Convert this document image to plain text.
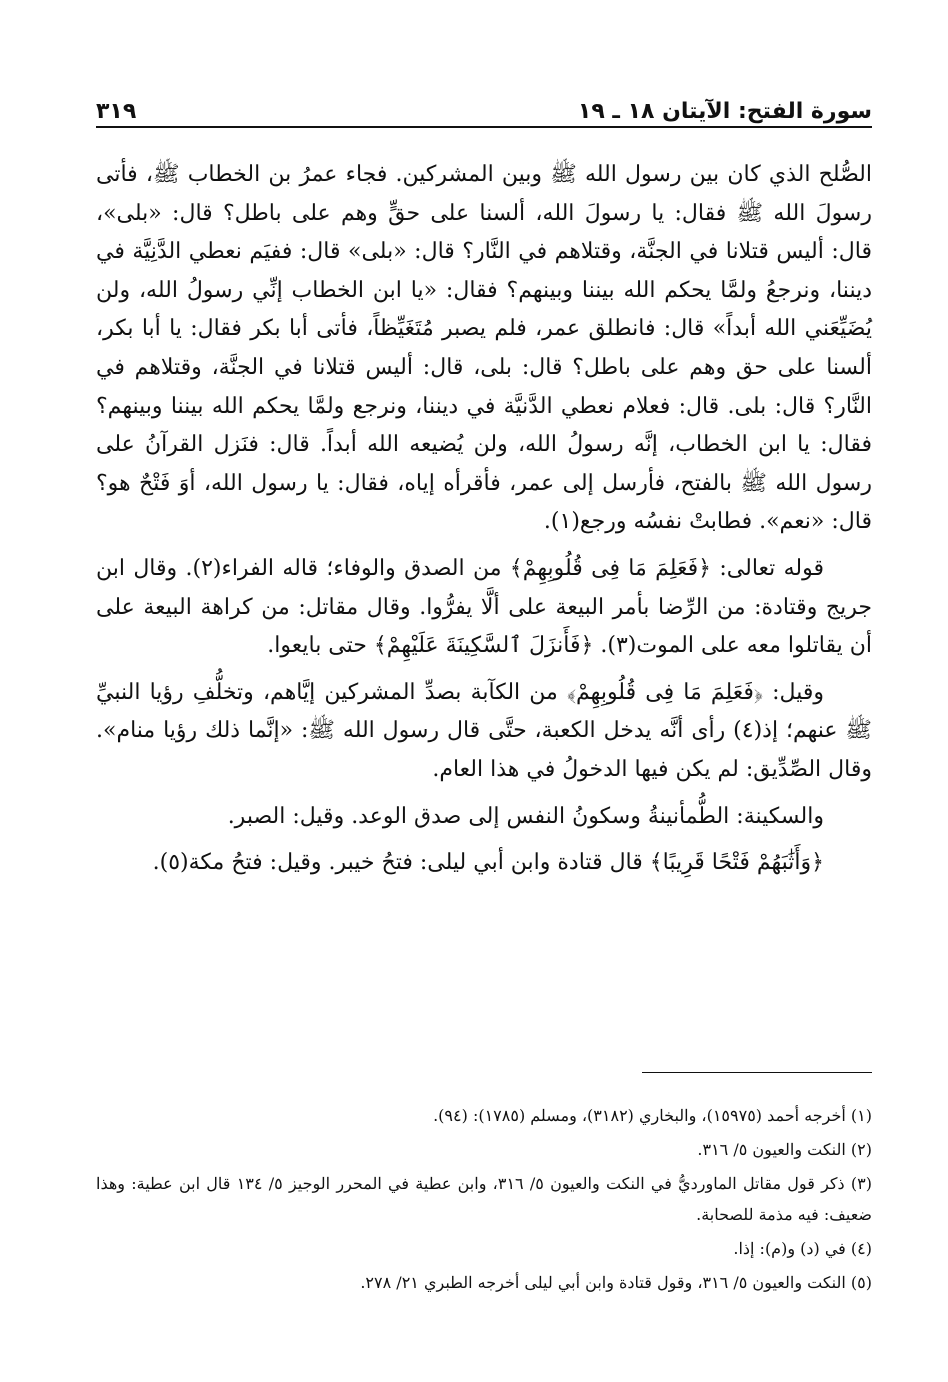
سورة الفتح: الآيتان ١٨ ـ ١٩
٣١٩

الصُّلح الذي كان بين رسول الله ﷺ وبين المشركين. فجاء عمرُ بن الخطاب ﷺ، فأتى رسولَ الله ﷺ فقال: يا رسولَ الله، ألسنا على حقٍّ وهم على باطل؟ قال: «بلى»، قال: أليس قتلانا في الجنَّة، وقتلاهم في النَّار؟ قال: «بلى» قال: ففيَم نعطي الدَّنِيَّة في ديننا، ونرجعُ ولمَّا يحكم الله بيننا وبينهم؟ فقال: «يا ابن الخطاب إنِّي رسولُ الله، ولن يُضَيِّعَني الله أبداً» قال: فانطلق عمر، فلم يصبر مُتَغَيِّظاً، فأتى أبا بكر فقال: يا أبا بكر، ألسنا على حق وهم على باطل؟ قال: بلى، قال: أليس قتلانا في الجنَّة، وقتلاهم في النَّار؟ قال: بلى. قال: فعلام نعطي الدَّنيَّة في ديننا، ونرجع ولمَّا يحكم الله بيننا وبينهم؟ فقال: يا ابن الخطاب، إنَّه رسولُ الله، ولن يُضيعه الله أبداً. قال: فنَزل القرآنُ على رسول الله ﷺ بالفتح، فأرسل إلى عمر، فأقرأه إياه، فقال: يا رسول الله، أوَ فَتْحٌ هو؟ قال: «نعم». فطابتْ نفسُه ورجع(١).

قوله تعالى: ﴿فَعَلِمَ مَا فِى قُلُوبِهِمْ﴾ من الصدق والوفاء؛ قاله الفراء(٢). وقال ابن جريج وقتادة: من الرِّضا بأمر البيعة على ألَّا يفرُّوا. وقال مقاتل: من كراهة البيعة على أن يقاتلوا معه على الموت(٣). ﴿فَأَنزَلَ ٱلسَّكِينَةَ عَلَيْهِمْ﴾ حتى بايعوا.

وقيل: ﴿فَعَلِمَ مَا فِى قُلُوبِهِمْ﴾ من الكآبة بصدِّ المشركين إيَّاهم، وتخلُّفِ رؤيا النبيِّ ﷺ عنهم؛ إذ(٤) رأى أنَّه يدخل الكعبة، حتَّى قال رسول الله ﷺ: «إنَّما ذلك رؤيا منام». وقال الصِّدِّيق: لم يكن فيها الدخولُ في هذا العام.

والسكينة: الطُّمأنينةُ وسكونُ النفس إلى صدق الوعد. وقيل: الصبر.

﴿وَأَثَٰبَهُمْ فَتْحًا قَرِيبًا﴾ قال قتادة وابن أبي ليلى: فتحُ خيبر. وقيل: فتحُ مكة(٥).

(١) أخرجه أحمد (١٥٩٧٥)، والبخاري (٣١٨٢)، ومسلم (١٧٨٥): (٩٤).

(٢) النكت والعيون ٥/ ٣١٦.

(٣) ذكر قول مقاتل الماورديُّ في النكت والعيون ٥/ ٣١٦، وابن عطية في المحرر الوجيز ٥/ ١٣٤ قال ابن عطية: وهذا ضعيف: فيه مذمة للصحابة.

(٤) في (د) و(م): إذا.

(٥) النكت والعيون ٥/ ٣١٦، وقول قتادة وابن أبي ليلى أخرجه الطبري ٢١/ ٢٧٨.
